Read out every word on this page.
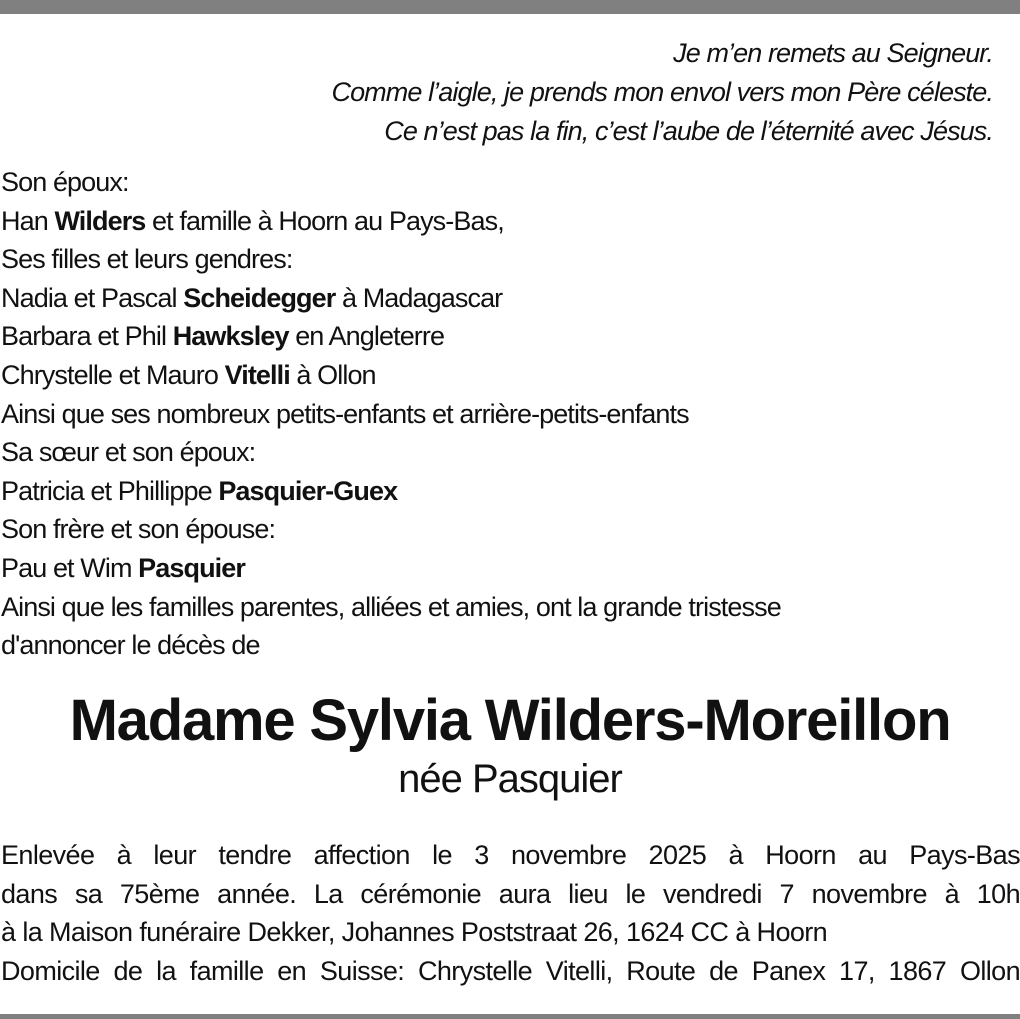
Je m’en remets au Seigneur.
Comme l’aigle, je prends mon envol vers mon Père céleste.
Ce n’est pas la fin, c’est l’aube de l’éternité avec Jésus.
Son époux:
Han Wilders et famille à Hoorn au Pays-Bas,
Ses filles et leurs gendres:
Nadia et Pascal Scheidegger à Madagascar
Barbara et Phil Hawksley en Angleterre
Chrystelle et Mauro Vitelli à Ollon
Ainsi que ses nombreux petits-enfants et arrière-petits-enfants
Sa sœur et son époux:
Patricia et Phillippe Pasquier-Guex
Son frère et son épouse:
Pau et Wim Pasquier
Ainsi que les familles parentes, alliées et amies, ont la grande tristesse
d'annoncer le décès de
Madame Sylvia Wilders-Moreillon
née Pasquier
Enlevée à leur tendre affection le 3 novembre 2025 à Hoorn au Pays-Bas
dans sa 75ème année. La cérémonie aura lieu le vendredi 7 novembre à 10h
à la Maison funéraire Dekker, Johannes Poststraat 26, 1624 CC à Hoorn
Domicile de la famille en Suisse: Chrystelle Vitelli, Route de Panex 17, 1867 Ollon
